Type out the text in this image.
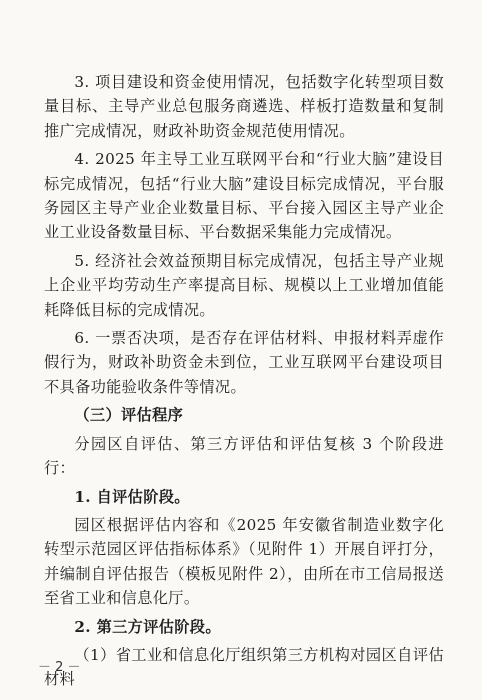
3. 项目建设和资金使用情况，包括数字化转型项目数量目标、主导产业总包服务商遴选、样板打造数量和复制推广完成情况，财政补助资金规范使用情况。

4. 2025 年主导工业互联网平台和“行业大脑”建设目标完成情况，包括“行业大脑”建设目标完成情况，平台服务园区主导产业企业数量目标、平台接入园区主导产业企业工业设备数量目标、平台数据采集能力完成情况。

5. 经济社会效益预期目标完成情况，包括主导产业规上企业平均劳动生产率提高目标、规模以上工业增加值能耗降低目标的完成情况。

6. 一票否决项，是否存在评估材料、申报材料弄虚作假行为，财政补助资金未到位，工业互联网平台建设项目不具备功能验收条件等情况。

（三）评估程序

分园区自评估、第三方评估和评估复核 3 个阶段进行：

1. 自评估阶段。

园区根据评估内容和《2025 年安徽省制造业数字化转型示范园区评估指标体系》（见附件 1）开展自评打分，并编制自评估报告（模板见附件 2），由所在市工信局报送至省工业和信息化厅。

2. 第三方评估阶段。

（1）省工业和信息化厅组织第三方机构对园区自评估材料

－ 2 －
